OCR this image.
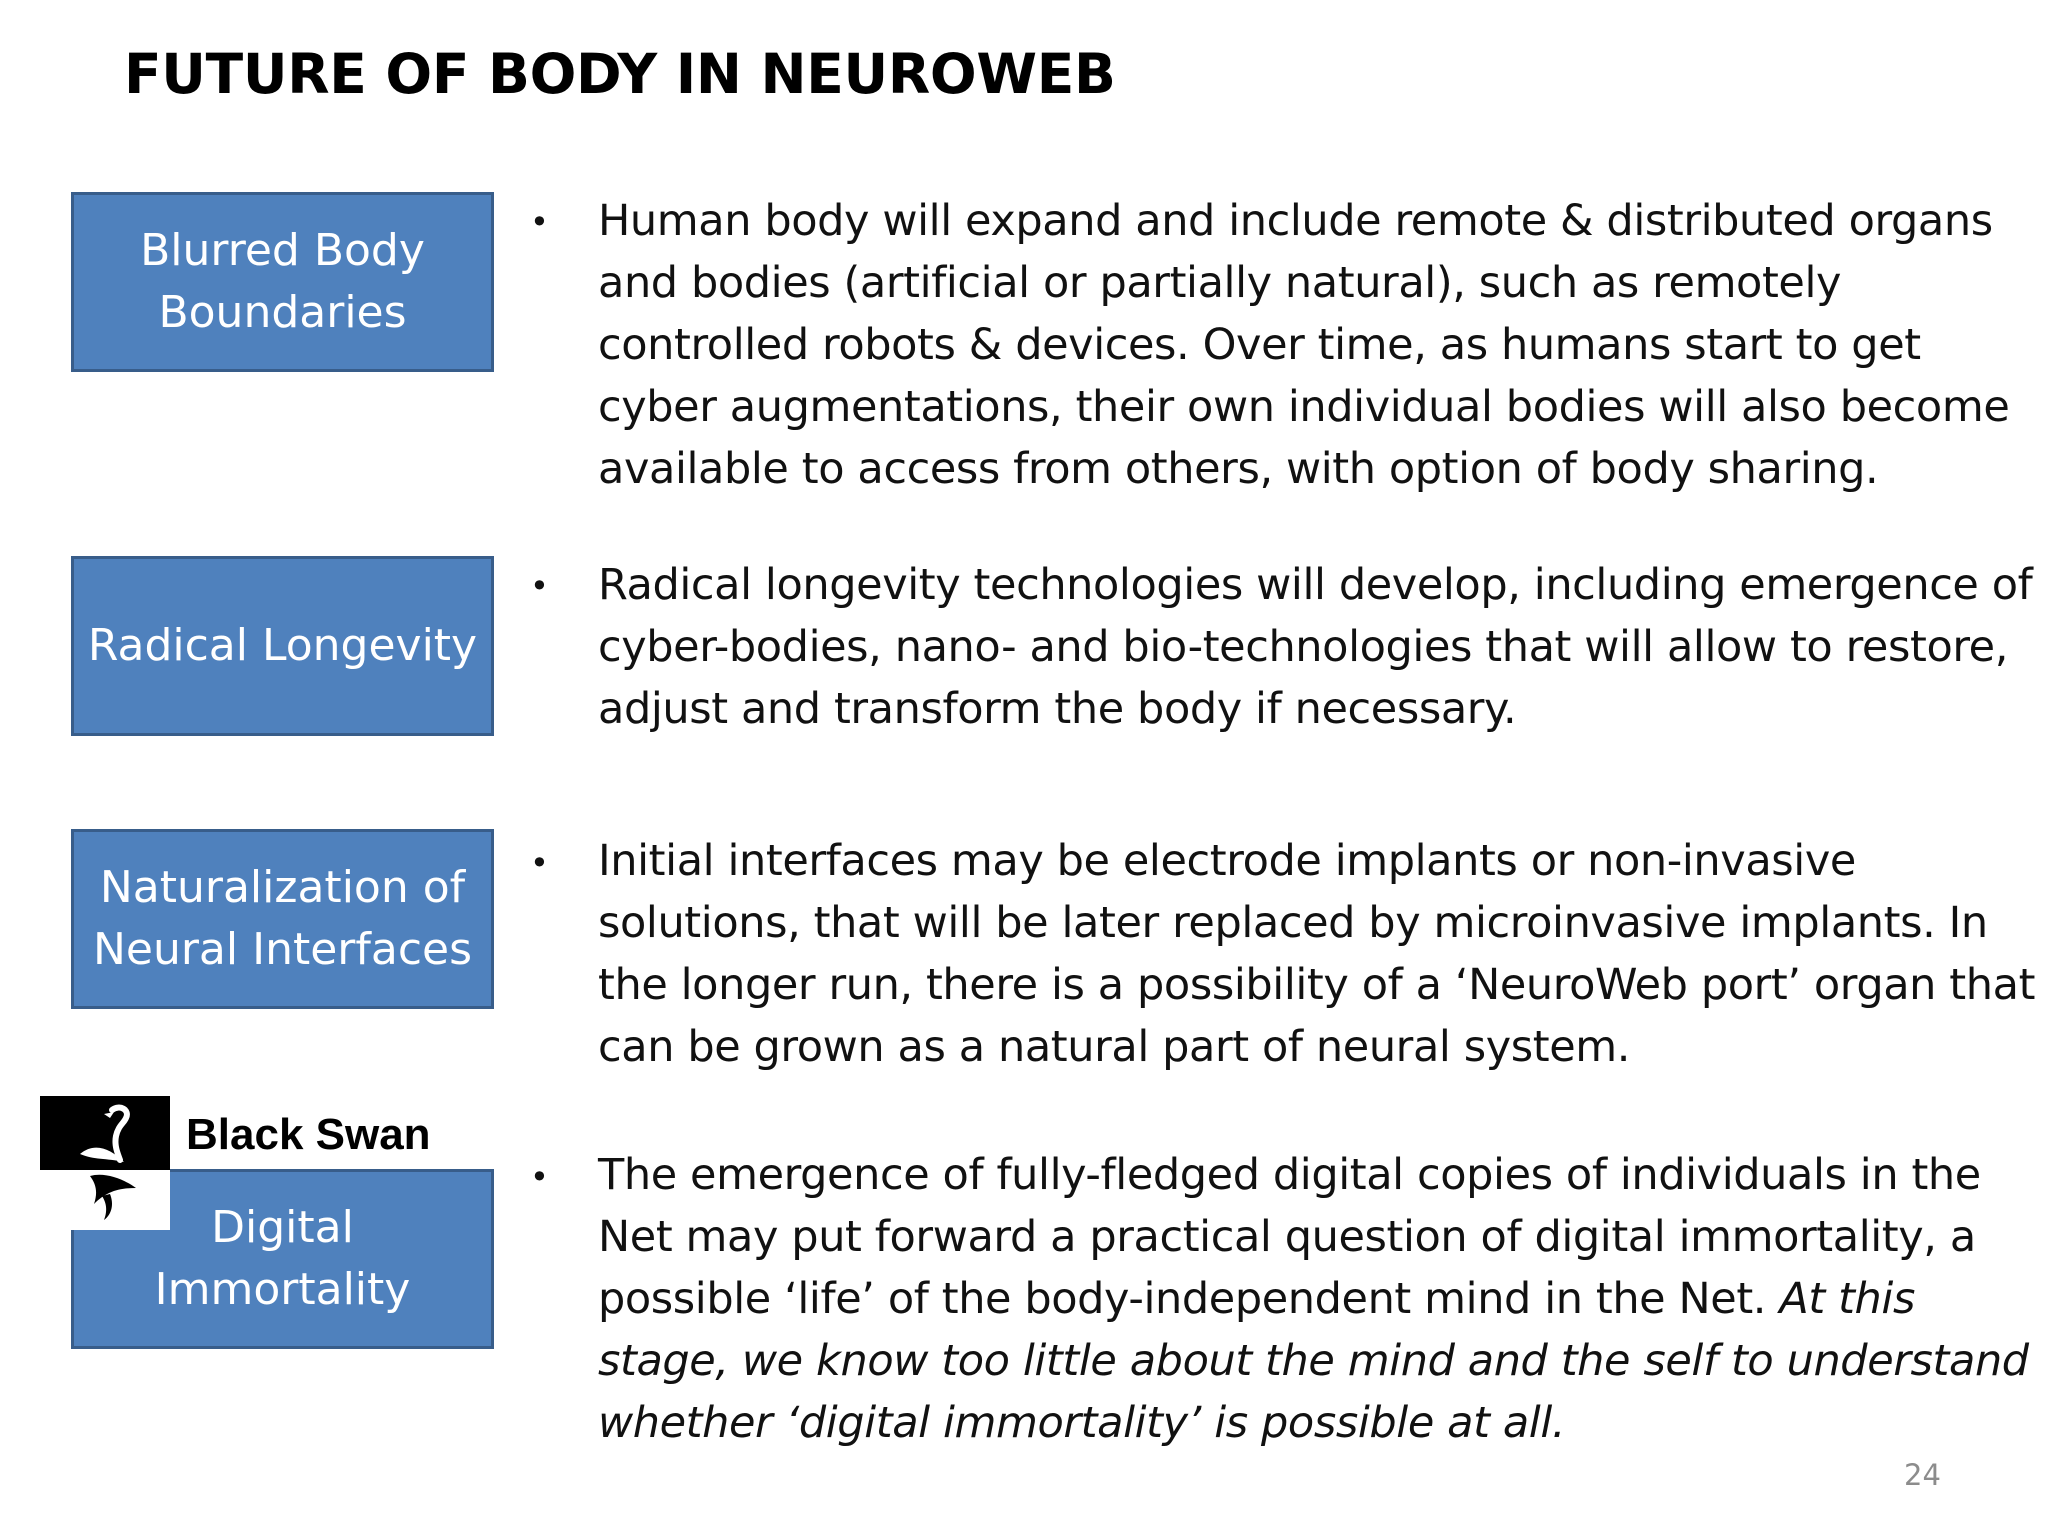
FUTURE OF BODY IN NEUROWEB
Blurred Body Boundaries
• Human body will expand and include remote & distributed organs and bodies (artificial or partially natural), such as remotely controlled robots & devices. Over time, as humans start to get cyber augmentations, their own individual bodies will also become available to access from others, with option of body sharing.

Radical Longevity
• Radical longevity technologies will develop, including emergence of cyber-bodies, nano- and bio-technologies that will allow to restore, adjust and transform the body if necessary.

Naturalization of Neural Interfaces
• Initial interfaces may be electrode implants or non-invasive solutions, that will be later replaced by microinvasive implants. In the longer run, there is a possibility of a ‘NeuroWeb port’ organ that can be grown as a natural part of neural system.

Black Swan

Digital Immortality
• The emergence of fully-fledged digital copies of individuals in the Net may put forward a practical question of digital immortality, a possible ‘life’ of the body-independent mind in the Net. At this stage, we know too little about the mind and the self to understand whether ‘digital immortality’ is possible at all.

24
